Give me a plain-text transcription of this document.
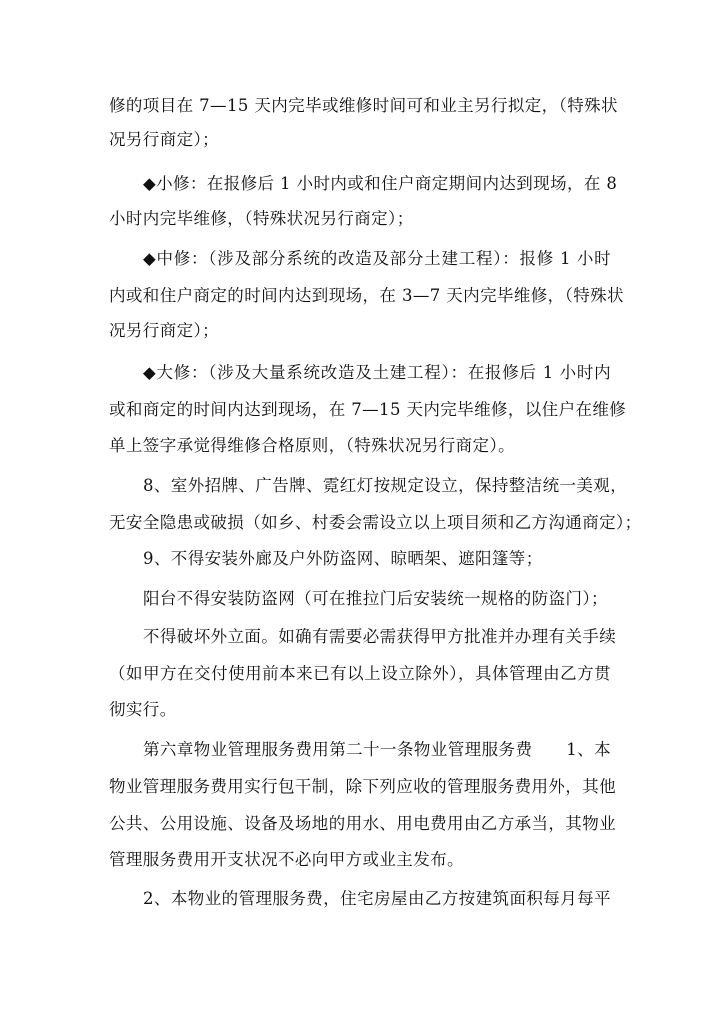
修的项目在 7—15 天内完毕或维修时间可和业主另行拟定，（特殊状
况另行商定）；
◆小修：在报修后 1 小时内或和住户商定期间内达到现场，在 8
小时内完毕维修，（特殊状况另行商定）；
◆中修：（涉及部分系统的改造及部分土建工程）：报修 1 小时
内或和住户商定的时间内达到现场，在 3—7 天内完毕维修，（特殊状
况另行商定）；
◆大修：（涉及大量系统改造及土建工程）：在报修后 1 小时内
或和商定的时间内达到现场，在 7—15 天内完毕维修，以住户在维修
单上签字承觉得维修合格原则，（特殊状况另行商定）。
8、室外招牌、广告牌、霓红灯按规定设立，保持整洁统一美观，
无安全隐患或破损（如乡、村委会需设立以上项目须和乙方沟通商定）；
9、不得安装外廊及户外防盗网、晾晒架、遮阳篷等；
阳台不得安装防盗网（可在推拉门后安装统一规格的防盗门）；
不得破坏外立面。如确有需要必需获得甲方批准并办理有关手续
（如甲方在交付使用前本来已有以上设立除外），具体管理由乙方贯
彻实行。
第六章物业管理服务费用第二十一条物业管理服务费　　1、本
物业管理服务费用实行包干制，除下列应收的管理服务费用外，其他
公共、公用设施、设备及场地的用水、用电费用由乙方承当，其物业
管理服务费用开支状况不必向甲方或业主发布。
2、本物业的管理服务费，住宅房屋由乙方按建筑面积每月每平
